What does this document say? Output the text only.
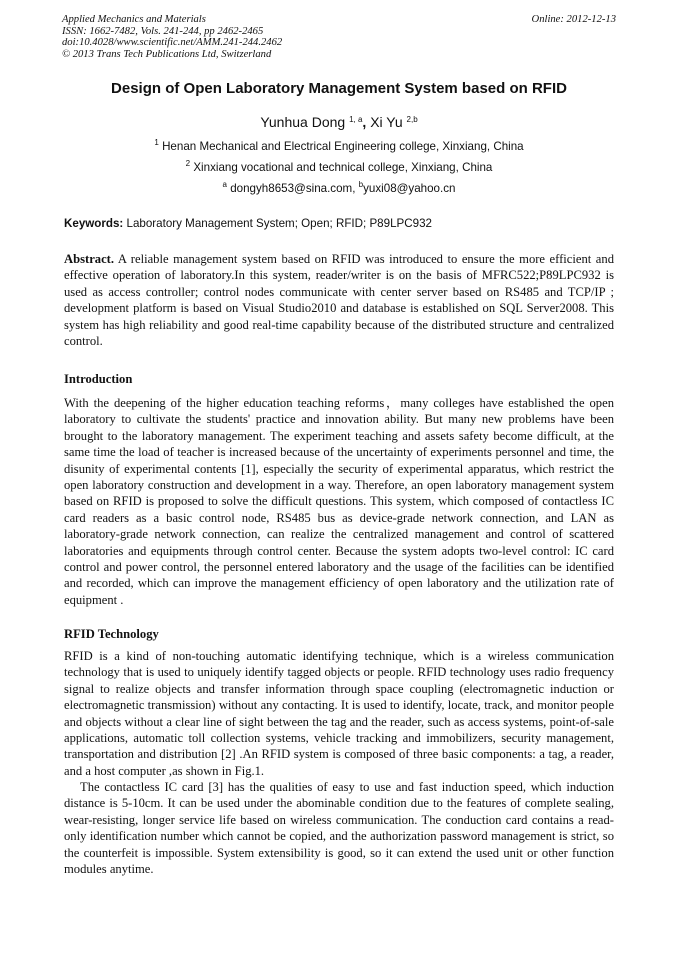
Applied Mechanics and Materials
ISSN: 1662-7482, Vols. 241-244, pp 2462-2465
doi:10.4028/www.scientific.net/AMM.241-244.2462
© 2013 Trans Tech Publications Ltd, Switzerland
Online: 2012-12-13
Design of Open Laboratory Management System based on RFID
Yunhua Dong $^{1, a}$, Xi Yu $^{2,b}$
$^1$ Henan Mechanical and Electrical Engineering college, Xinxiang, China
$^2$ Xinxiang vocational and technical college, Xinxiang, China
$^a$ dongyh8653@sina.com, $^b$yuxi08@yahoo.cn
Keywords: Laboratory Management System; Open; RFID; P89LPC932
Abstract. A reliable management system based on RFID was introduced to ensure the more efficient and effective operation of laboratory.In this system, reader/writer is on the basis of MFRC522;P89LPC932 is used as access controller; control nodes communicate with center server based on RS485 and TCP/IP ; development platform is based on Visual Studio2010 and database is established on SQL Server2008. This system has high reliability and good real-time capability because of the distributed structure and centralized control.
Introduction
With the deepening of the higher education teaching reforms，many colleges have established the open laboratory to cultivate the students' practice and innovation ability. But many new problems have been brought to the laboratory management. The experiment teaching and assets safety become difficult, at the same time the load of teacher is increased because of the uncertainty of experiments personnel and time, the disunity of experimental contents [1], especially the security of experimental apparatus, which restrict the open laboratory construction and development in a way. Therefore, an open laboratory management system based on RFID is proposed to solve the difficult questions. This system, which composed of contactless IC card readers as a basic control node, RS485 bus as device-grade network connection, and LAN as laboratory-grade network connection, can realize the centralized management and control of scattered laboratories and equipments through control center. Because the system adopts two-level control: IC card control and power control, the personnel entered laboratory and the usage of the facilities can be identified and recorded, which can improve the management efficiency of open laboratory and the utilization rate of equipment .
RFID Technology
RFID is a kind of non-touching automatic identifying technique, which is a wireless communication technology that is used to uniquely identify tagged objects or people. RFID technology uses radio frequency signal to realize objects and transfer information through space coupling (electromagnetic induction or electromagnetic transmission) without any contacting. It is used to identify, locate, track, and monitor people and objects without a clear line of sight between the tag and the reader, such as access systems, point-of-sale applications, automatic toll collection systems, vehicle tracking and immobilizers, security management, transportation and distribution [2] .An RFID system is composed of three basic components: a tag, a reader, and a host computer ,as shown in Fig.1.
The contactless IC card [3] has the qualities of easy to use and fast induction speed, which induction distance is 5-10cm. It can be used under the abominable condition due to the features of complete sealing, wear-resisting, longer service life based on wireless communication. The conduction card contains a read-only identification number which cannot be copied, and the authorization password management is strict, so the counterfeit is impossible. System extensibility is good, so it can extend the used unit or other function modules anytime.
